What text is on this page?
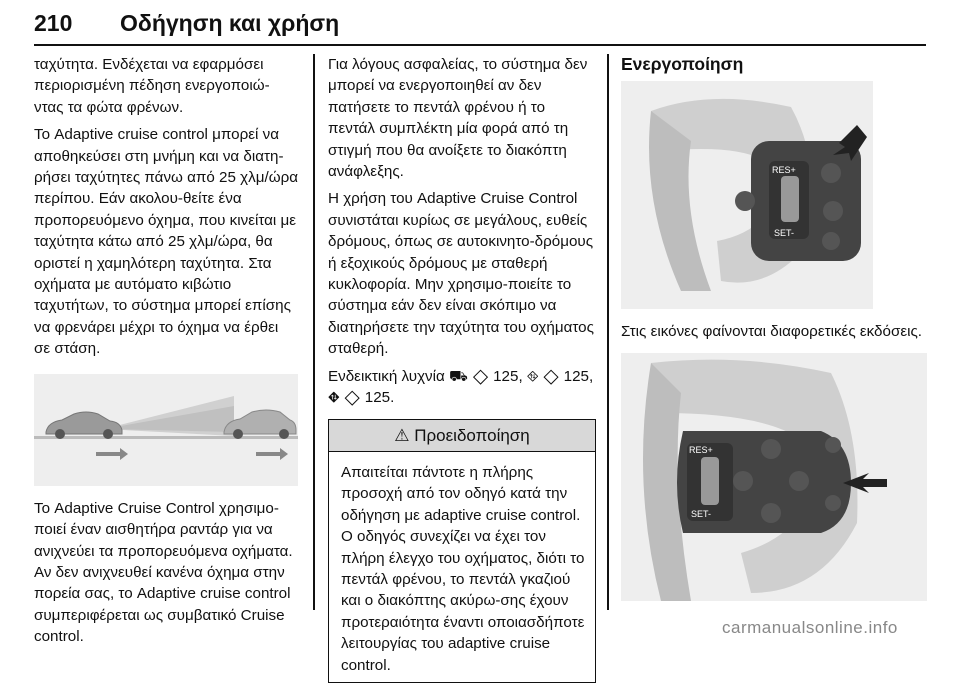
210 Οδήγηση και χρήση

ταχύτητα. Ενδέχεται να εφαρμόσει περιορισμένη πέδηση ενεργοποιώ-ντας τα φώτα φρένων.

Το Adaptive cruise control μπορεί να αποθηκεύσει στη μνήμη και να διατη-ρήσει ταχύτητες πάνω από 25 χλμ/ώρα περίπου. Εάν ακολου-θείτε ένα προπορευόμενο όχημα, που κινείται με ταχύτητα κάτω από 25 χλμ/ώρα, θα οριστεί η χαμηλότερη ταχύτητα. Στα οχήματα με αυτόματο κιβώτιο ταχυτήτων, το σύστημα μπορεί επίσης να φρενάρει μέχρι το όχημα να έρθει σε στάση.

Το Adaptive Cruise Control χρησιμο-ποιεί έναν αισθητήρα ραντάρ για να ανιχνεύει τα προπορευόμενα οχήματα. Αν δεν ανιχνευθεί κανένα όχημα στην πορεία σας, το Adaptive cruise control συμπεριφέρεται ως συμβατικό Cruise control.

Για λόγους ασφαλείας, το σύστημα δεν μπορεί να ενεργοποιηθεί αν δεν πατήσετε το πεντάλ φρένου ή το πεντάλ συμπλέκτη μία φορά από τη στιγμή που θα ανοίξετε το διακόπτη ανάφλεξης.

Η χρήση του Adaptive Cruise Control συνιστάται κυρίως σε μεγάλους, ευθείς δρόμους, όπως σε αυτοκινητο-δρόμους ή εξοχικούς δρόμους με σταθερή κυκλοφορία. Μην χρησιμο-ποιείτε το σύστημα εάν δεν είναι σκόπιμο να διατηρήσετε την ταχύτητα του οχήματος σταθερή.

Ενδεικτική λυχνία ⛟ ◇ 125, ⛗ ◇ 125, ⛖ ◇ 125.

⚠ Προειδοποίηση
Απαιτείται πάντοτε η πλήρης προσοχή από τον οδηγό κατά την οδήγηση με adaptive cruise control. Ο οδηγός συνεχίζει να έχει τον πλήρη έλεγχο του οχήματος, διότι το πεντάλ φρένου, το πεντάλ γκαζιού και ο διακόπτης ακύρω-σης έχουν προτεραιότητα έναντι οποιασδήποτε λειτουργίας του adaptive cruise control.
Ενεργοποίηση
RES+
SET-

Στις εικόνες φαίνονται διαφορετικές εκδόσεις.

RES+
SET-
carmanualsonline.info
